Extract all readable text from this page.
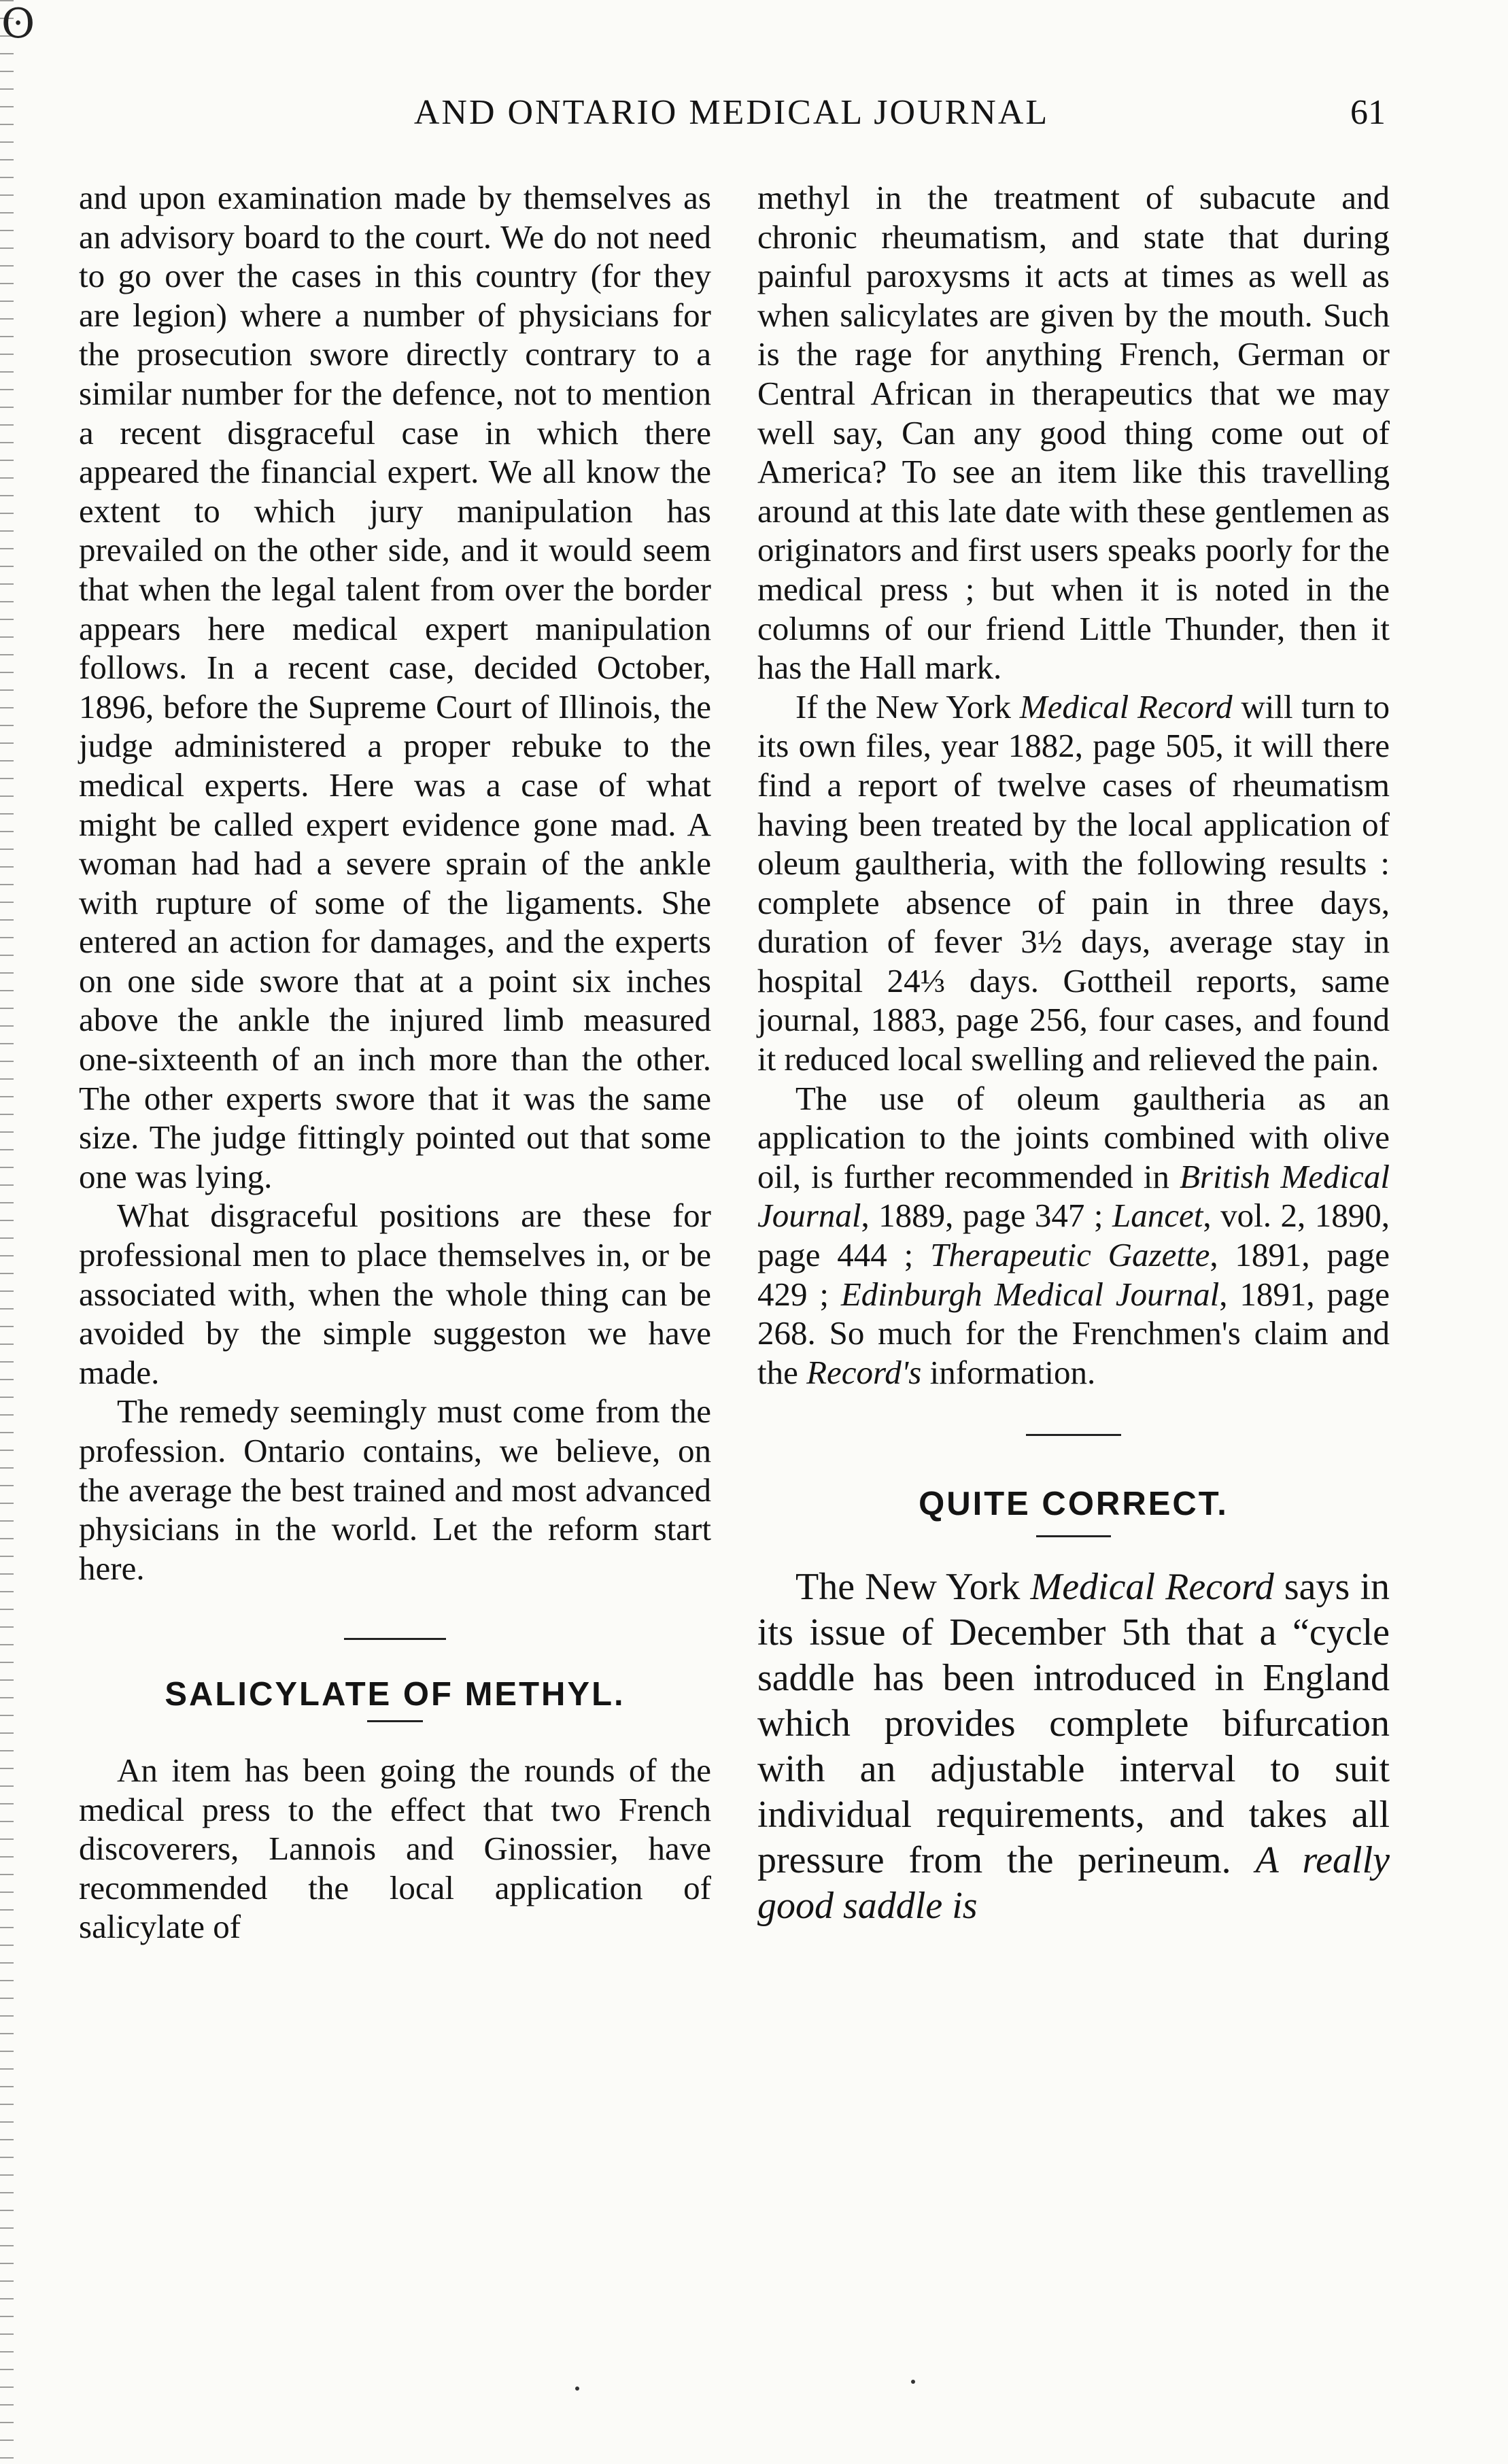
ʘ
AND ONTARIO MEDICAL JOURNAL	61

and upon examination made by themselves as an advisory board to the court. We do not need to go over the cases in this country (for they are legion) where a number of physicians for the prosecution swore directly contrary to a similar number for the defence, not to mention a recent disgraceful case in which there appeared the financial expert. We all know the extent to which jury manipulation has prevailed on the other side, and it would seem that when the legal talent from over the border appears here medical expert manipulation follows. In a recent case, decided October, 1896, before the Supreme Court of Illinois, the judge administered a proper rebuke to the medical experts. Here was a case of what might be called expert evidence gone mad. A woman had had a severe sprain of the ankle with rupture of some of the ligaments. She entered an action for damages, and the experts on one side swore that at a point six inches above the ankle the injured limb measured one-sixteenth of an inch more than the other. The other experts swore that it was the same size. The judge fittingly pointed out that some one was lying.

What disgraceful positions are these for professional men to place themselves in, or be associated with, when the whole thing can be avoided by the simple suggeston we have made.

The remedy seemingly must come from the profession. Ontario contains, we believe, on the average the best trained and most advanced physicians in the world. Let the reform start here.

SALICYLATE OF METHYL.

An item has been going the rounds of the medical press to the effect that two French discoverers, Lannois and Ginossier, have recommended the local application of salicylate of

methyl in the treatment of subacute and chronic rheumatism, and state that during painful paroxysms it acts at times as well as when salicylates are given by the mouth. Such is the rage for anything French, German or Central African in therapeutics that we may well say, Can any good thing come out of America? To see an item like this travelling around at this late date with these gentlemen as originators and first users speaks poorly for the medical press ; but when it is noted in the columns of our friend Little Thunder, then it has the Hall mark.

If the New York Medical Record will turn to its own files, year 1882, page 505, it will there find a report of twelve cases of rheumatism having been treated by the local application of oleum gaultheria, with the following results : complete absence of pain in three days, duration of fever 3½ days, average stay in hospital 24⅓ days. Gottheil reports, same journal, 1883, page 256, four cases, and found it reduced local swelling and relieved the pain.

The use of oleum gaultheria as an application to the joints combined with olive oil, is further recommended in British Medical Journal, 1889, page 347 ; Lancet, vol. 2, 1890, page 444 ; Therapeutic Gazette, 1891, page 429 ; Edinburgh Medical Journal, 1891, page 268. So much for the Frenchmen's claim and the Record's information.

QUITE CORRECT.

The New York Medical Record says in its issue of December 5th that a “cycle saddle has been introduced in England which provides complete bifurcation with an adjustable interval to suit individual requirements, and takes all pressure from the perineum. A really good saddle is
